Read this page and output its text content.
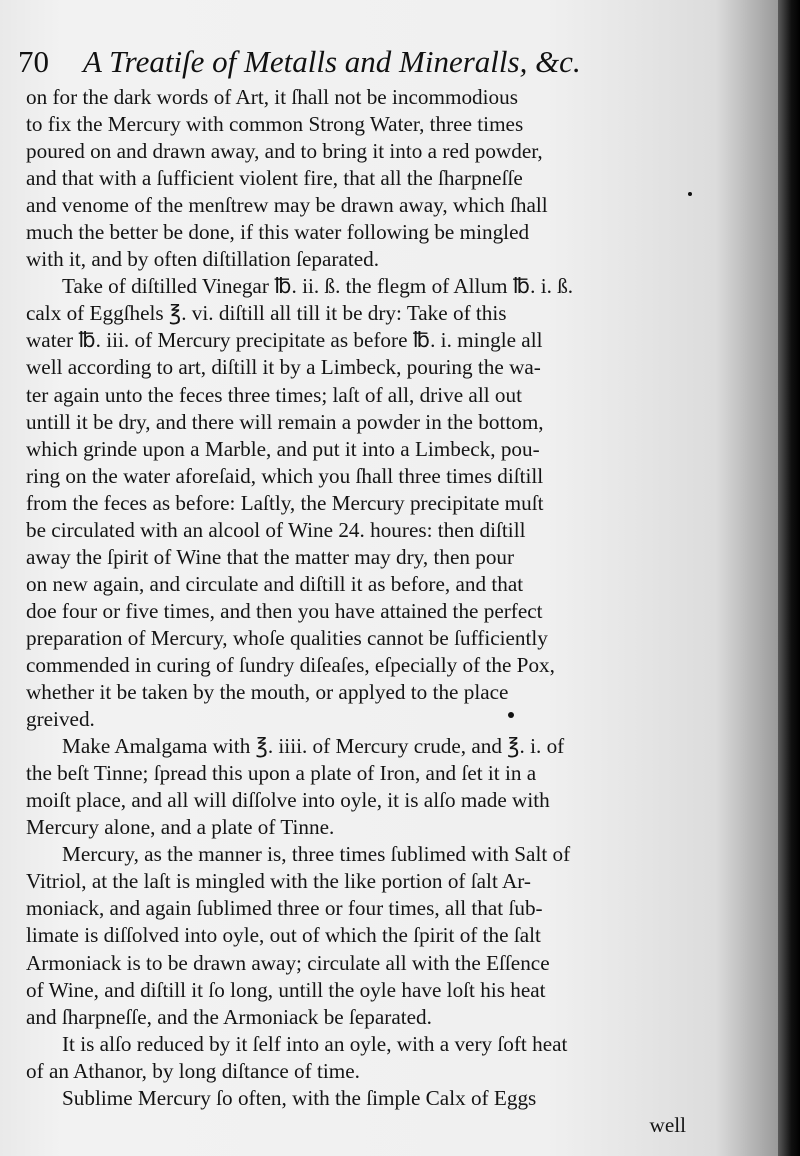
70 A Treatiſe of Metalls and Mineralls, &c.
on for the dark words of Art, it ſhall not be incommodious
to fix the Mercury with common Strong Water, three times
poured on and drawn away, and to bring it into a red powder,
and that with a ſufficient violent fire, that all the ſharpneſſe
and venome of the menſtrew may be drawn away, which ſhall
much the better be done, if this water following be mingled
with it, and by often diſtillation ſeparated.
Take of diſtilled Vinegar ℔. ii. ß. the flegm of Allum ℔. i. ß.
calx of Eggſhels ℥. vi. diſtill all till it be dry: Take of this
water ℔. iii. of Mercury precipitate as before ℔. i. mingle all
well according to art, diſtill it by a Limbeck, pouring the wa-
ter again unto the feces three times; laſt of all, drive all out
untill it be dry, and there will remain a powder in the bottom,
which grinde upon a Marble, and put it into a Limbeck, pou-
ring on the water aforeſaid, which you ſhall three times diſtill
from the feces as before: Laſtly, the Mercury precipitate muſt
be circulated with an alcool of Wine 24. houres: then diſtill
away the ſpirit of Wine that the matter may dry, then pour
on new again, and circulate and diſtill it as before, and that
doe four or five times, and then you have attained the perfect
preparation of Mercury, whoſe qualities cannot be ſufficiently
commended in curing of ſundry diſeaſes, eſpecially of the Pox,
whether it be taken by the mouth, or applyed to the place
greived.
Make Amalgama with ℥. iiii. of Mercury crude, and ℥. i. of
the beſt Tinne; ſpread this upon a plate of Iron, and ſet it in a
moiſt place, and all will diſſolve into oyle, it is alſo made with
Mercury alone, and a plate of Tinne.
Mercury, as the manner is, three times ſublimed with Salt of
Vitriol, at the laſt is mingled with the like portion of ſalt Ar-
moniack, and again ſublimed three or four times, all that ſub-
limate is diſſolved into oyle, out of which the ſpirit of the ſalt
Armoniack is to be drawn away; circulate all with the Eſſence
of Wine, and diſtill it ſo long, untill the oyle have loſt his heat
and ſharpneſſe, and the Armoniack be ſeparated.
It is alſo reduced by it ſelf into an oyle, with a very ſoft heat
of an Athanor, by long diſtance of time.
Sublime Mercury ſo often, with the ſimple Calx of Eggs
well
